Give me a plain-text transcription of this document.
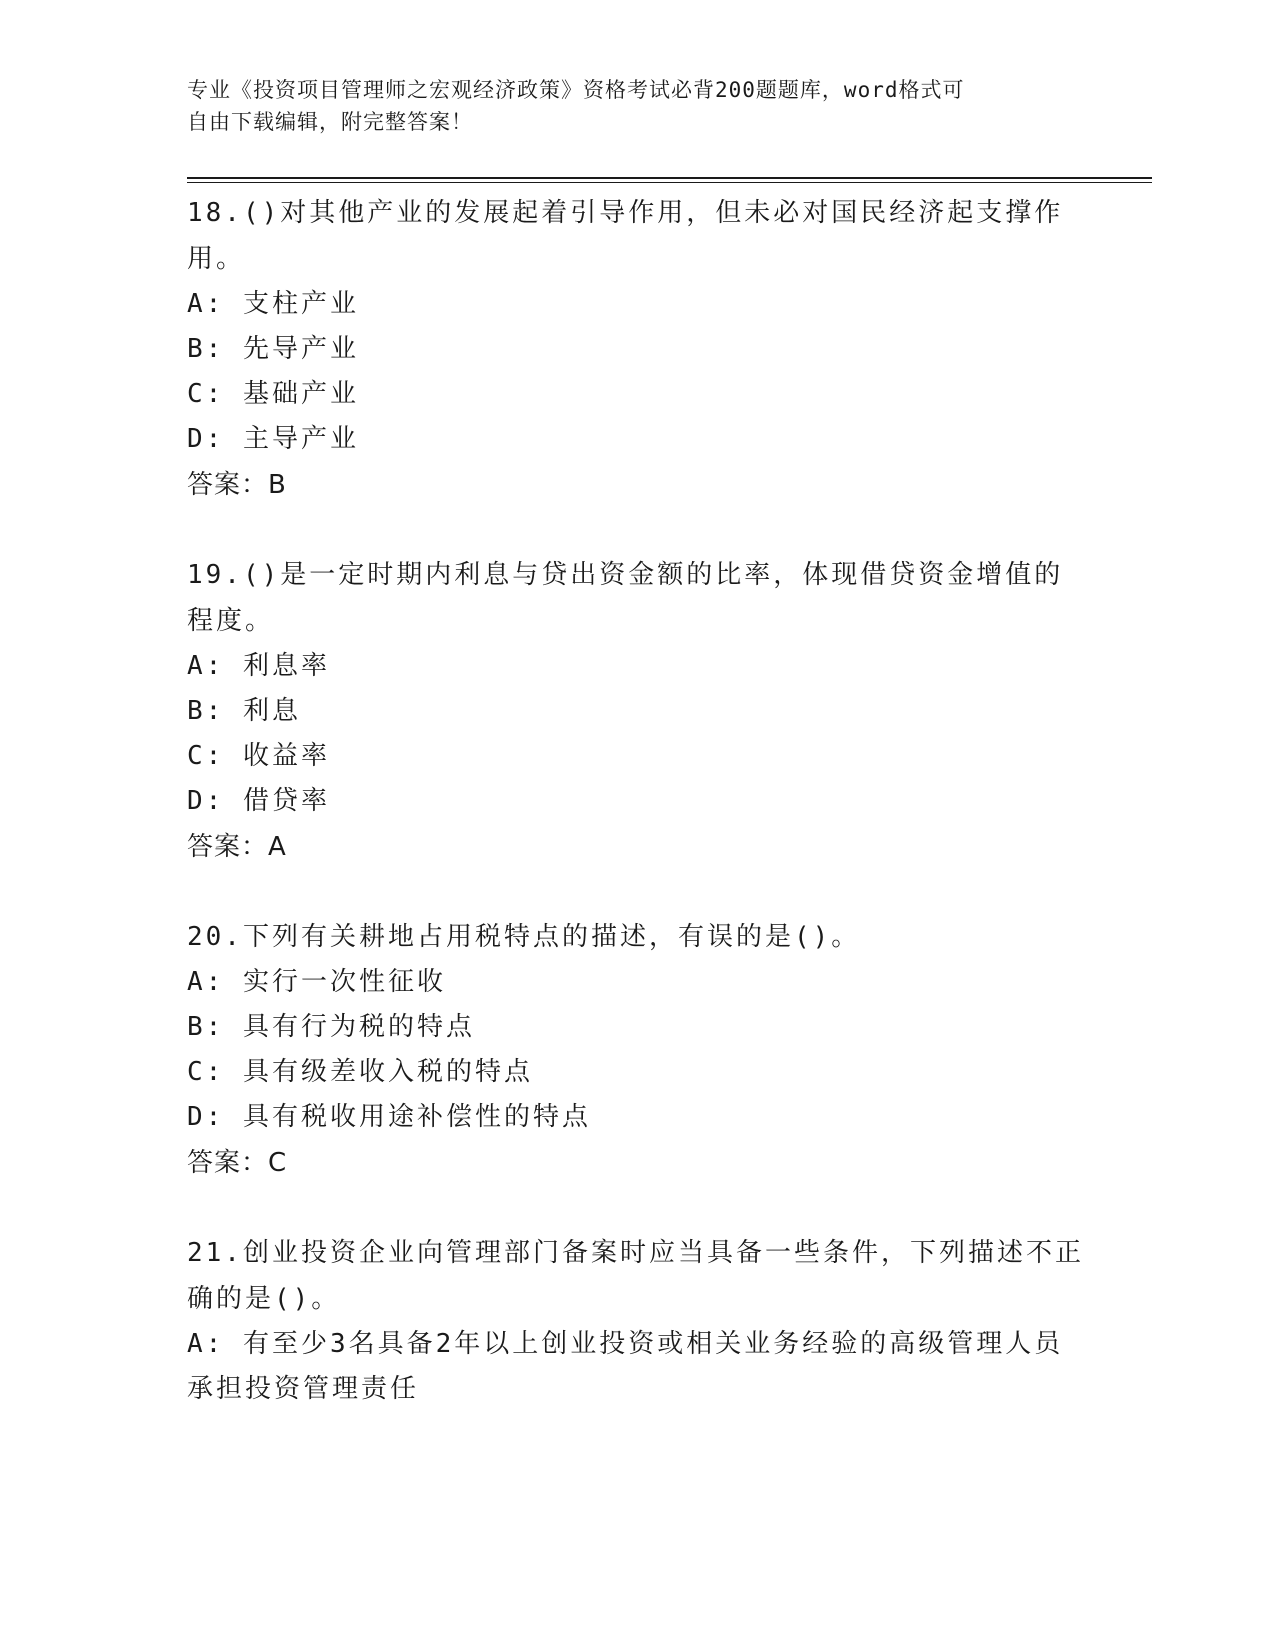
专业《投资项目管理师之宏观经济政策》资格考试必背200题题库，word格式可
自由下载编辑，附完整答案！
18.()对其他产业的发展起着引导作用，但未必对国民经济起支撑作用。
A: 支柱产业
B: 先导产业
C: 基础产业
D: 主导产业
答案：B
19.()是一定时期内利息与贷出资金额的比率，体现借贷资金增值的程度。
A: 利息率
B: 利息
C: 收益率
D: 借贷率
答案：A
20.下列有关耕地占用税特点的描述，有误的是()。
A: 实行一次性征收
B: 具有行为税的特点
C: 具有级差收入税的特点
D: 具有税收用途补偿性的特点
答案：C
21.创业投资企业向管理部门备案时应当具备一些条件，下列描述不正确的是()。
A: 有至少3名具备2年以上创业投资或相关业务经验的高级管理人员承担投资管理责任
